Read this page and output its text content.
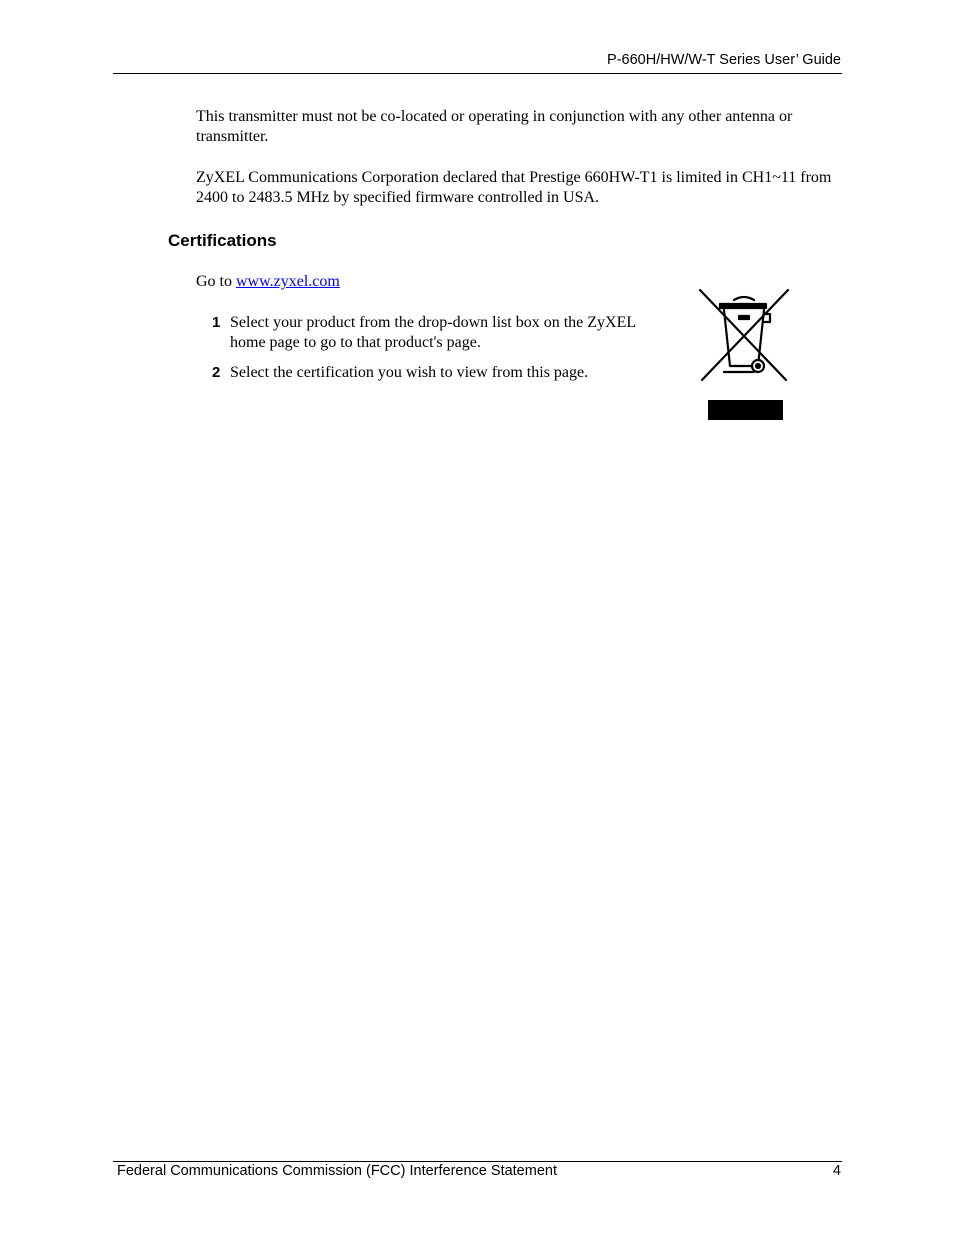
P-660H/HW/W-T Series User’ Guide

This transmitter must not be co-located or operating in conjunction with any other antenna or transmitter.

ZyXEL Communications Corporation declared that Prestige 660HW-T1 is limited in CH1~11 from 2400 to 2483.5 MHz by specified firmware controlled in USA.

Certifications

Go to www.zyxel.com

1 Select your product from the drop-down list box on the ZyXEL home page to go to that product's page.
2 Select the certification you wish to view from this page.
Federal Communications Commission (FCC) Interference Statement	4
